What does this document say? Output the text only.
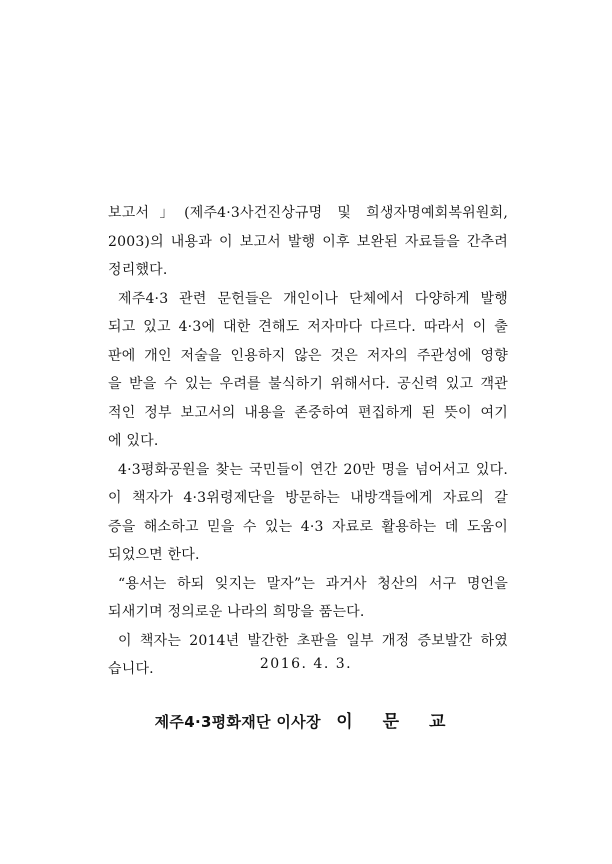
보고서」(제주4·3사건진상규명 및 희생자명예회복위원회,
2003)의 내용과 이 보고서 발행 이후 보완된 자료들을 간추려
정리했다.

제주4·3 관련 문헌들은 개인이나 단체에서 다양하게 발행
되고 있고 4·3에 대한 견해도 저자마다 다르다. 따라서 이 출
판에 개인 저술을 인용하지 않은 것은 저자의 주관성에 영향
을 받을 수 있는 우려를 불식하기 위해서다. 공신력 있고 객관
적인 정부 보고서의 내용을 존중하여 편집하게 된 뜻이 여기
에 있다.

4·3평화공원을 찾는 국민들이 연간 20만 명을 넘어서고 있다.
이 책자가 4·3위령제단을 방문하는 내방객들에게 자료의 갈
증을 해소하고 믿을 수 있는 4·3 자료로 활용하는 데 도움이
되었으면 한다.

“용서는 하되 잊지는 말자”는 과거사 청산의 서구 명언을
되새기며 정의로운 나라의 희망을 품는다.

이 책자는 2014년 발간한 초판을 일부 개정 증보발간 하였
습니다.	2016. 4. 3.
제주4·3평화재단 이사장 이 문 교
